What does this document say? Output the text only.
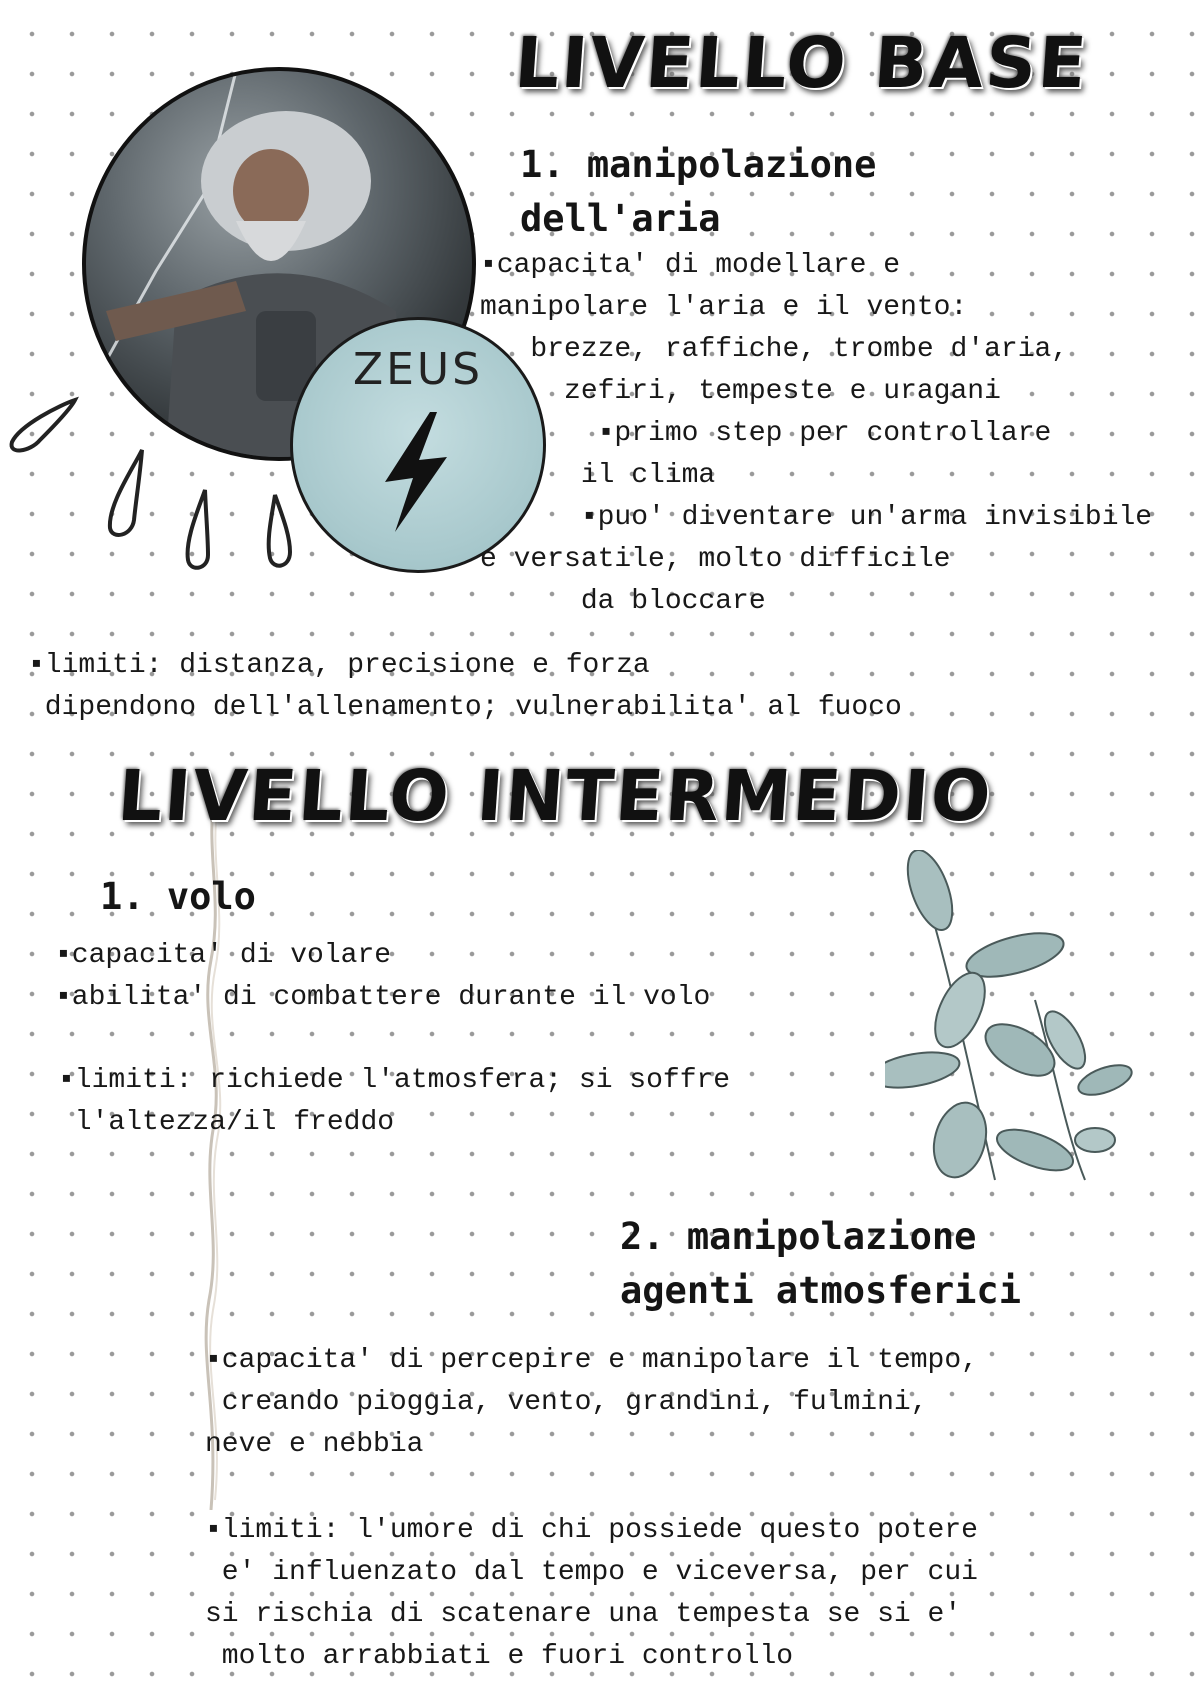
LIVELLO BASE
ZEUS
1. manipolazione
dell'aria

▪capacita' di modellare e
manipolare l'aria e il vento:
brezze, raffiche, trombe d'aria,
zefiri, tempeste e uragani
▪primo step per controllare
il clima
▪puo' diventare un'arma invisibile
e versatile, molto difficile
da bloccare

▪limiti: distanza, precisione e forza
dipendono dell'allenamento; vulnerabilita' al fuoco

LIVELLO INTERMEDIO
1. volo

▪capacita' di volare
▪abilita' di combattere durante il volo

▪limiti: richiede l'atmosfera; si soffre
l'altezza/il freddo

2. manipolazione
agenti atmosferici

▪capacita' di percepire e manipolare il tempo,
creando pioggia, vento, grandini, fulmini,
neve e nebbia

▪limiti: l'umore di chi possiede questo potere
e' influenzato dal tempo e viceversa, per cui
si rischia di scatenare una tempesta se si e'
molto arrabbiati e fuori controllo
